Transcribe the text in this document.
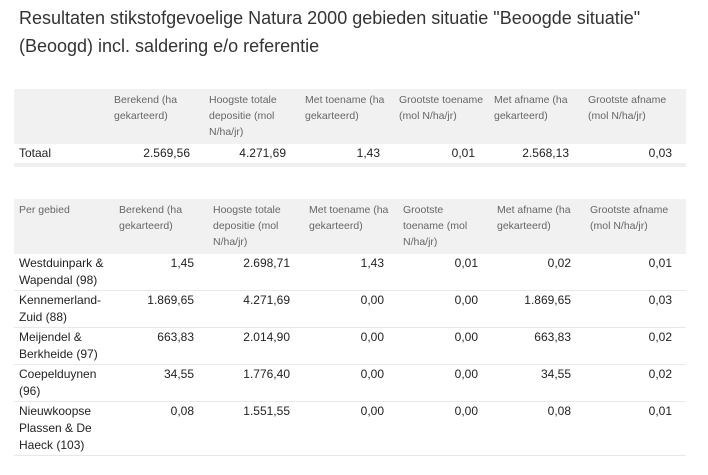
Resultaten stikstofgevoelige Natura 2000 gebieden situatie "Beoogde situatie" (Beoogd) incl. saldering e/o referentie
	Berekend (ha gekarteerd)	Hoogste totale depositie (mol N/ha/jr)	Met toename (ha gekarteerd)	Grootste toename (mol N/ha/jr)	Met afname (ha gekarteerd)	Grootste afname (mol N/ha/jr)
Totaal	2.569,56	4.271,69	1,43	0,01	2.568,13	0,03
Per gebied	Berekend (ha gekarteerd)	Hoogste totale depositie (mol N/ha/jr)	Met toename (ha gekarteerd)	Grootste toename (mol N/ha/jr)	Met afname (ha gekarteerd)	Grootste afname (mol N/ha/jr)
Westduinpark & Wapendal (98)	1,45	2.698,71	1,43	0,01	0,02	0,01
Kennemerland-Zuid (88)	1.869,65	4.271,69	0,00	0,00	1.869,65	0,03
Meijendel & Berkheide (97)	663,83	2.014,90	0,00	0,00	663,83	0,02
Coepelduynen (96)	34,55	1.776,40	0,00	0,00	34,55	0,02
Nieuwkoopse Plassen & De Haeck (103)	0,08	1.551,55	0,00	0,00	0,08	0,01
